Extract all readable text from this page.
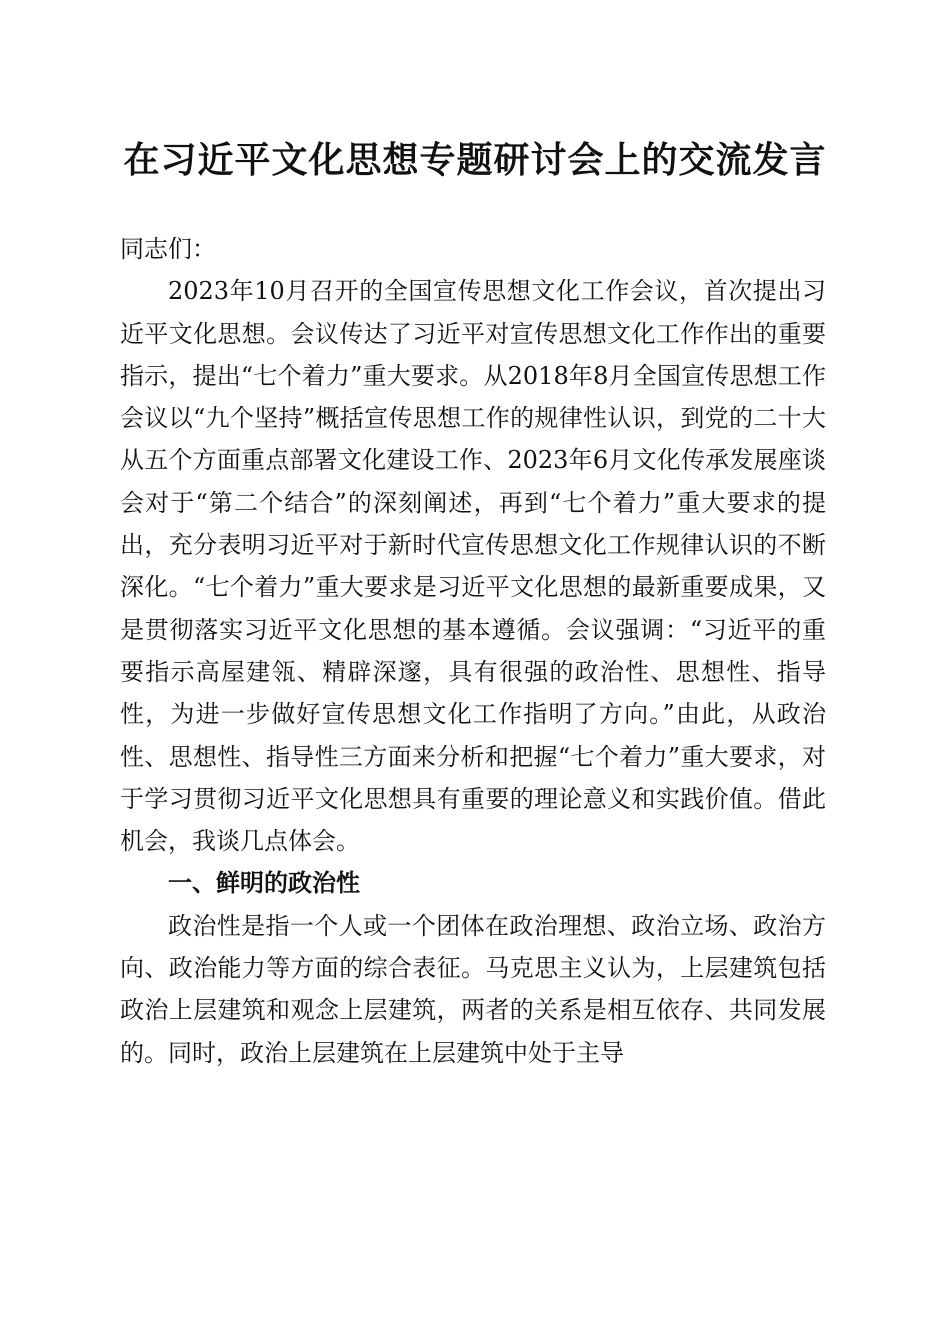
在习近平文化思想专题研讨会上的交流发言

同志们：

2023年10月召开的全国宣传思想文化工作会议，首次提出习近平文化思想。会议传达了习近平对宣传思想文化工作作出的重要指示，提出“七个着力”重大要求。从2018年8月全国宣传思想工作会议以“九个坚持”概括宣传思想工作的规律性认识，到党的二十大从五个方面重点部署文化建设工作、2023年6月文化传承发展座谈会对于“第二个结合”的深刻阐述，再到“七个着力”重大要求的提出，充分表明习近平对于新时代宣传思想文化工作规律认识的不断深化。“七个着力”重大要求是习近平文化思想的最新重要成果，又是贯彻落实习近平文化思想的基本遵循。会议强调：“习近平的重要指示高屋建瓴、精辟深邃，具有很强的政治性、思想性、指导性，为进一步做好宣传思想文化工作指明了方向。”由此，从政治性、思想性、指导性三方面来分析和把握“七个着力”重大要求，对于学习贯彻习近平文化思想具有重要的理论意义和实践价值。借此机会，我谈几点体会。

一、鲜明的政治性

政治性是指一个人或一个团体在政治理想、政治立场、政治方向、政治能力等方面的综合表征。马克思主义认为，上层建筑包括政治上层建筑和观念上层建筑，两者的关系是相互依存、共同发展的。同时，政治上层建筑在上层建筑中处于主导
